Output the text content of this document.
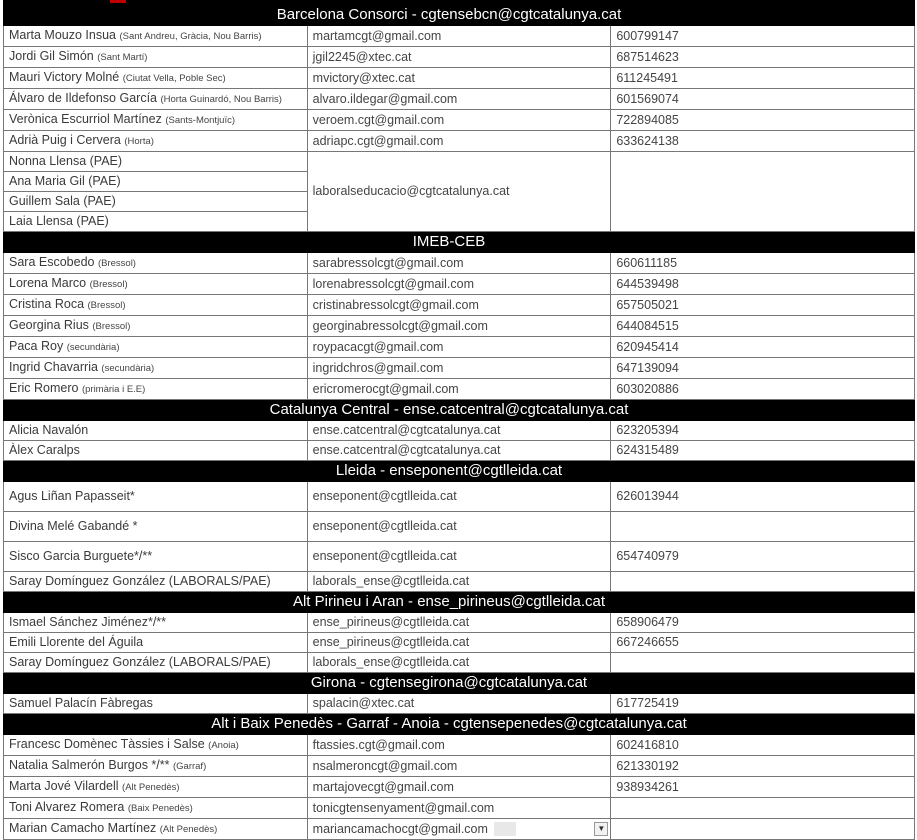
Barcelona Consorci - cgtensebcn@cgtcatalunya.cat		
Marta Mouzo Insua (Sant Andreu, Gràcia, Nou Barris)	martamcgt@gmail.com	600799147
Jordi Gil Simón (Sant Martí)	jgil2245@xtec.cat	687514623
Mauri Victory Molné (Ciutat Vella, Poble Sec)	mvictory@xtec.cat	611245491
Álvaro de Ildefonso García (Horta Guinardó, Nou Barris)	alvaro.ildegar@gmail.com	601569074
Verònica Escurriol Martínez (Sants-Montjuïc)	veroem.cgt@gmail.com	722894085
Adrià Puig i Cervera (Horta)	adriapc.cgt@gmail.com	633624138
Nonna Llensa (PAE)	laboralseducacio@cgtcatalunya.cat	
Ana Maria Gil (PAE)		
Guillem Sala (PAE)		
Laia Llensa (PAE)		
IMEB-CEB		
Sara Escobedo (Bressol)	sarabressolcgt@gmail.com	660611185
Lorena Marco (Bressol)	lorenabressolcgt@gmail.com	644539498
Cristina Roca (Bressol)	cristinabressolcgt@gmail.com	657505021
Georgina Rius (Bressol)	georginabressolcgt@gmail.com	644084515
Paca Roy (secundària)	roypacacgt@gmail.com	620945414
Ingrid Chavarria (secundària)	ingridchros@gmail.com	647139094
Eric Romero (primària i E.E)	ericromerocgt@gmail.com	603020886
Catalunya Central - ense.catcentral@cgtcatalunya.cat		
Alicia Navalón	ense.catcentral@cgtcatalunya.cat	623205394
Àlex Caralps	ense.catcentral@cgtcatalunya.cat	624315489
Lleida - enseponent@cgtlleida.cat		
Agus Liñan Papasseit*	enseponent@cgtlleida.cat	626013944
Divina Melé Gabandé *	enseponent@cgtlleida.cat	
Sisco Garcia Burguete*/**	enseponent@cgtlleida.cat	654740979
Saray Domínguez González (LABORALS/PAE)	laborals_ense@cgtlleida.cat	
Alt Pirineu i Aran - ense_pirineus@cgtlleida.cat		
Ismael Sánchez Jiménez*/**	ense_pirineus@cgtlleida.cat	658906479
Emili Llorente del Águila	ense_pirineus@cgtlleida.cat	667246655
Saray Domínguez González (LABORALS/PAE)	laborals_ense@cgtlleida.cat	
Girona - cgtensegirona@cgtcatalunya.cat		
Samuel Palacín Fàbregas	spalacin@xtec.cat	617725419
Alt i Baix Penedès - Garraf - Anoia - cgtensepenedes@cgtcatalunya.cat		
Francesc Domènec Tàssies i Salse (Anoia)	ftassies.cgt@gmail.com	602416810
Natalia Salmerón Burgos */** (Garraf)	nsalmeroncgt@gmail.com	621330192
Marta Jové Vilardell (Alt Penedès)	martajovecgt@gmail.com	938934261
Toni Alvarez Romera (Baix Penedès)	tonicgtensenyament@gmail.com	
Marian Camacho Martínez (Alt Penedès)	mariancamachocgt@gmail.com ▼	
